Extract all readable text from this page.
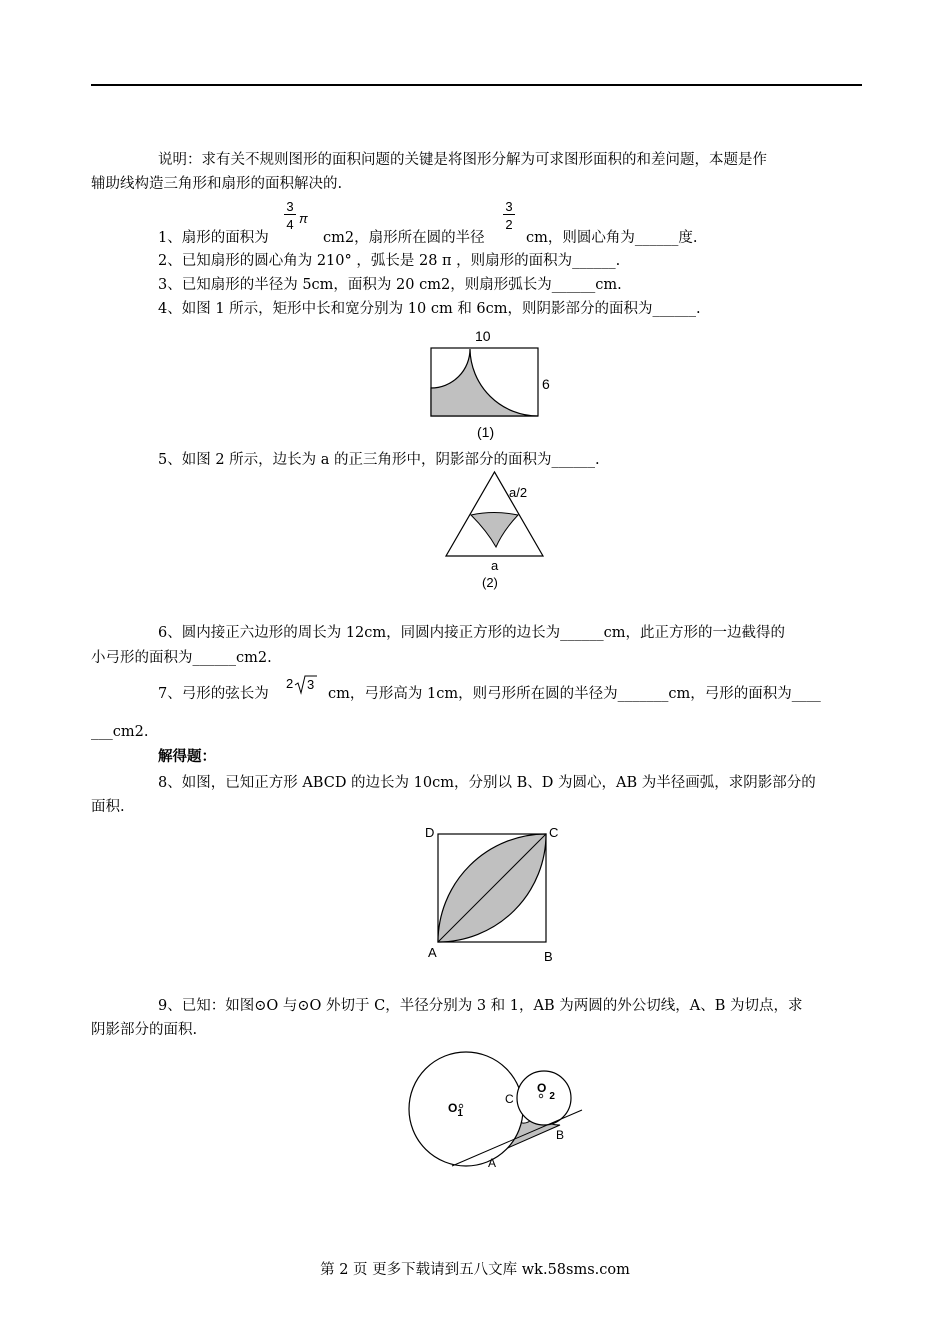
说明：求有关不规则图形的面积问题的关键是将图形分解为可求图形面积的和差问题，本题是作
辅助线构造三角形和扇形的面积解决的.
3
4 π
3
2
1、扇形的面积为	cm2，扇形所在圆的半径	cm，则圆心角为______度.
2、已知扇形的圆心角为 210° ，弧长是 28 π ，则扇形的面积为______.
3、已知扇形的半径为 5cm，面积为 20 cm2，则扇形弧长为______cm.
4、如图 1 所示，矩形中长和宽分别为 10 cm 和 6cm，则阴影部分的面积为______.
10
6
(1)
5、如图 2 所示，边长为 a 的正三角形中，阴影部分的面积为______.
a/2
a
(2)
6、圆内接正六边形的周长为 12cm，同圆内接正方形的边长为______cm，此正方形的一边截得的
小弓形的面积为______cm2.
7、弓形的弦长为
2 3
cm，弓形高为 1cm，则弓形所在圆的半径为_______cm，弓形的面积为____
___cm2.
解得题：
8、如图，已知正方形 ABCD 的边长为 10cm，分别以 B、D 为圆心，AB 为半径画弧，求阴影部分的
面积.
D	C
A	B
9、已知：如图⊙O 与⊙O 外切于 C，半径分别为 3 和 1，AB 为两圆的外公切线，A、B 为切点，求
阴影部分的面积.
$O_1$
$O_2$
C
A
B
第 2 页 更多下载请到五八文库 wk.58sms.com
